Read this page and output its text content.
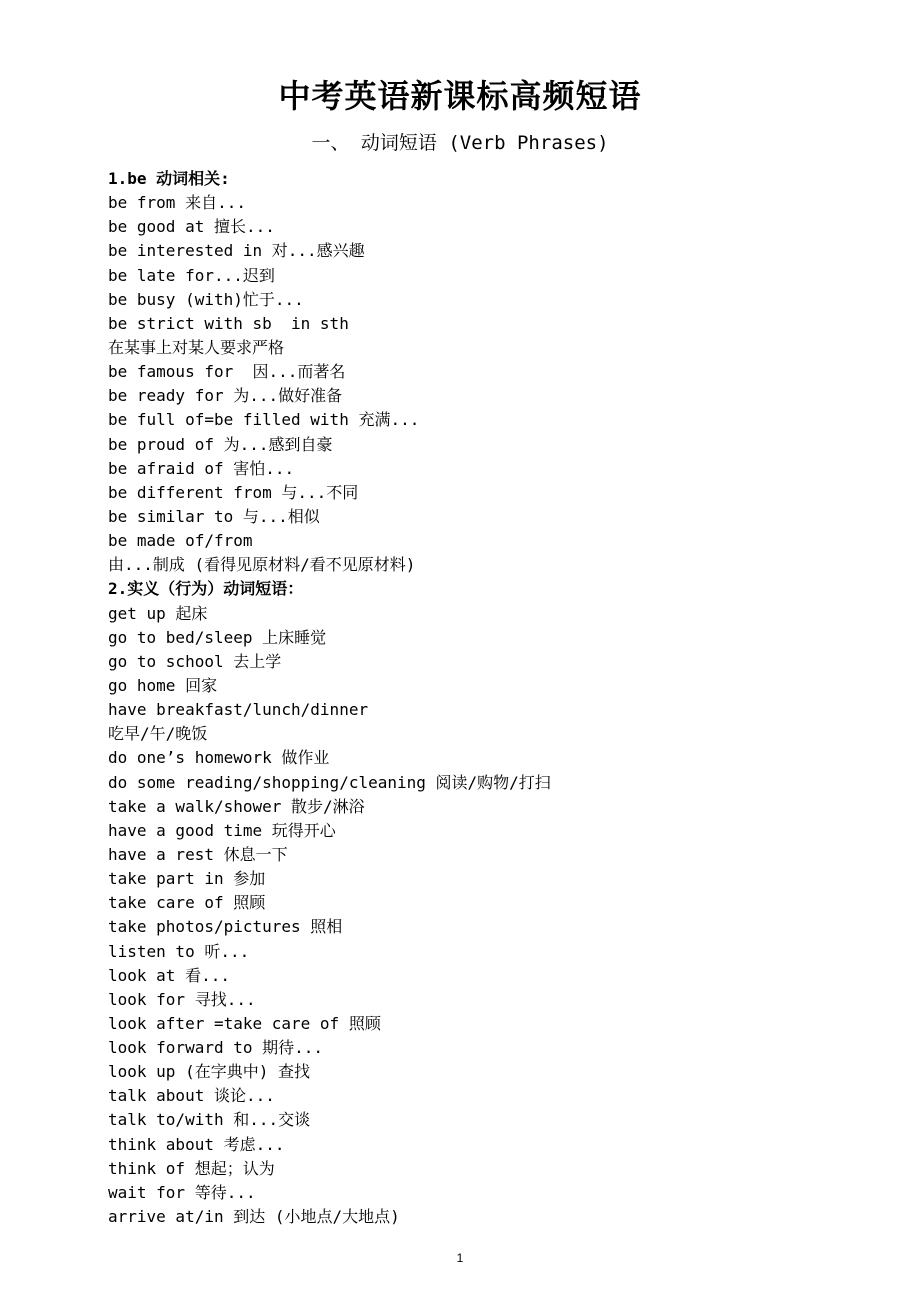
中考英语新课标高频短语
一、 动词短语 (Verb Phrases)
1.be 动词相关:
be from 来自...
be good at 擅长...
be interested in 对...感兴趣
be late for...迟到
be busy (with)忙于...
be strict with sb  in sth
在某事上对某人要求严格
be famous for  因...而著名
be ready for 为...做好准备
be full of=be filled with 充满...
be proud of 为...感到自豪
be afraid of 害怕...
be different from 与...不同
be similar to 与...相似
be made of/from
由...制成 (看得见原材料/看不见原材料)
2.实义（行为）动词短语：
get up 起床
go to bed/sleep 上床睡觉
go to school 去上学
go home 回家
have breakfast/lunch/dinner
吃早/午/晚饭
do one’s homework 做作业
do some reading/shopping/cleaning 阅读/购物/打扫
take a walk/shower 散步/淋浴
have a good time 玩得开心
have a rest 休息一下
take part in 参加
take care of 照顾
take photos/pictures 照相
listen to 听...
look at 看...
look for 寻找...
look after =take care of 照顾
look forward to 期待...
look up (在字典中) 查找
talk about 谈论...
talk to/with 和...交谈
think about 考虑...
think of 想起；认为
wait for 等待...
arrive at/in 到达 (小地点/大地点)
1
